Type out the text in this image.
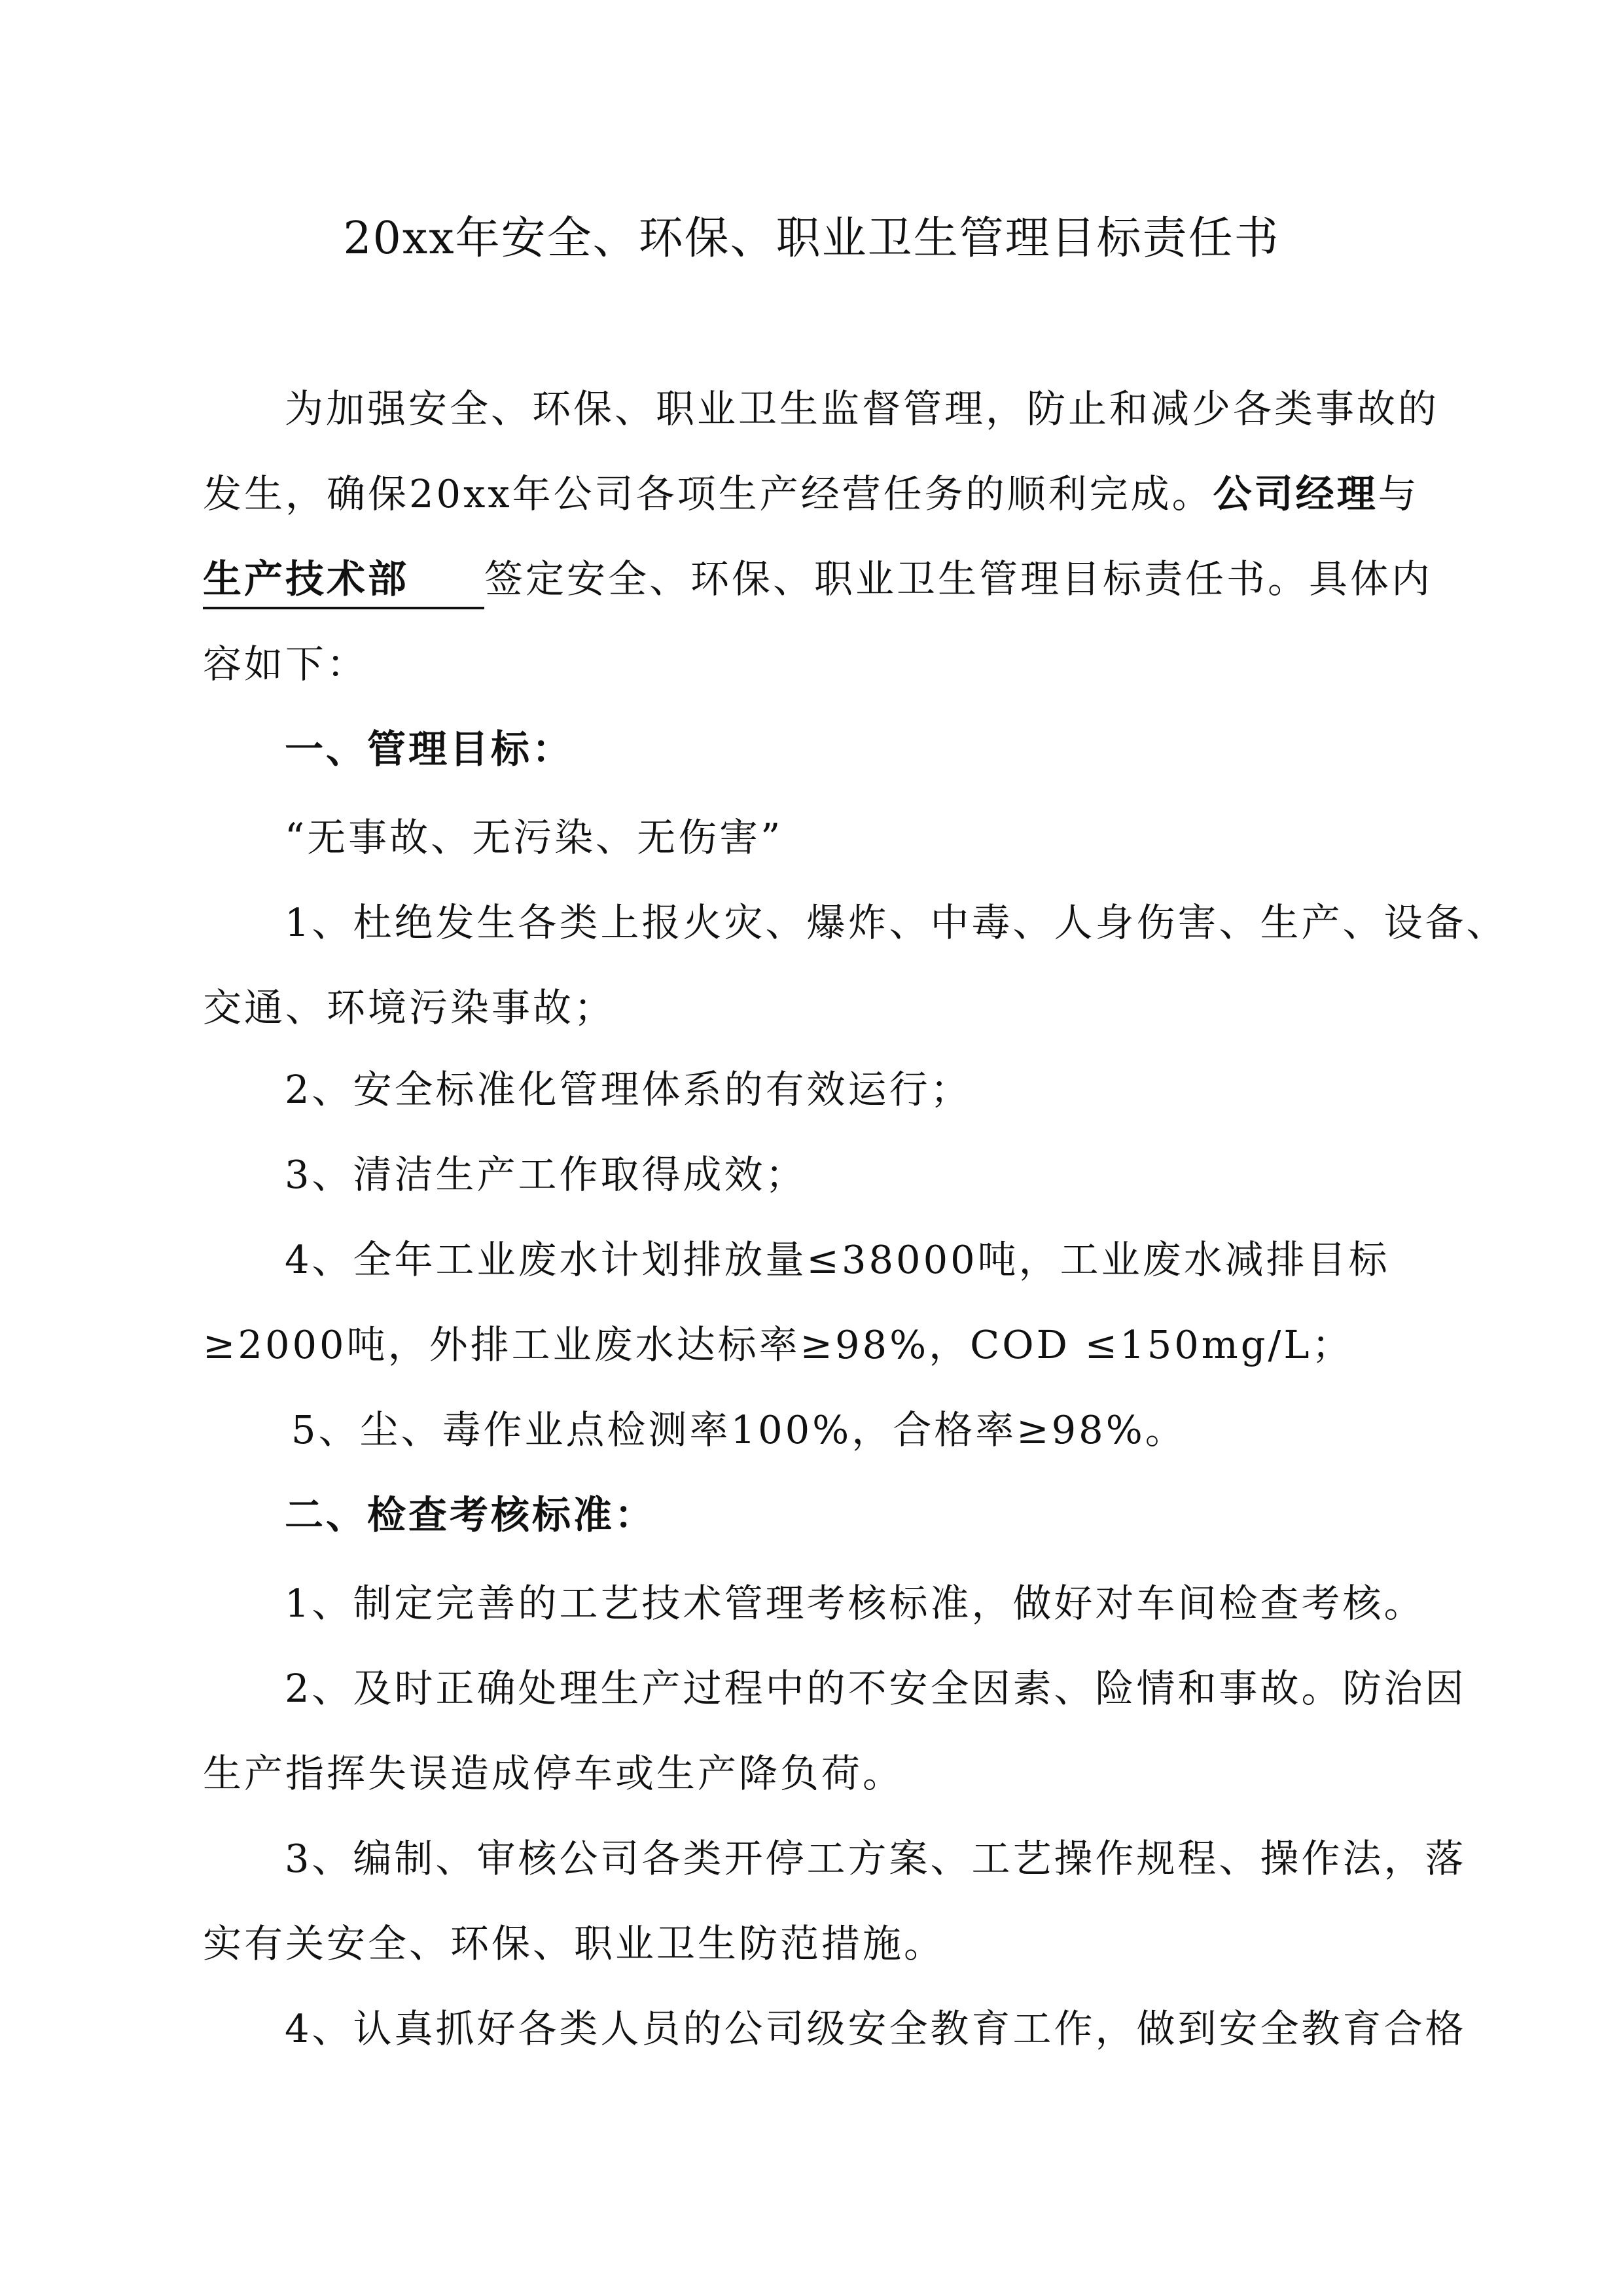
20xx年安全、环保、职业卫生管理目标责任书
为加强安全、环保、职业卫生监督管理，防止和减少各类事故的
发生，确保20xx年公司各项生产经营任务的顺利完成。公司经理与
生产技术部 签定安全、环保、职业卫生管理目标责任书。具体内
容如下：
一、管理目标：
“无事故、无污染、无伤害”
1、杜绝发生各类上报火灾、爆炸、中毒、人身伤害、生产、设备、
交通、环境污染事故；
2、安全标准化管理体系的有效运行；
3、清洁生产工作取得成效；
4、全年工业废水计划排放量≤38000吨，工业废水减排目标
≥2000吨，外排工业废水达标率≥98%，COD ≤150mg/L；
5、尘、毒作业点检测率100%，合格率≥98%。
二、检查考核标准：
1、制定完善的工艺技术管理考核标准，做好对车间检查考核。
2、及时正确处理生产过程中的不安全因素、险情和事故。防治因
生产指挥失误造成停车或生产降负荷。
3、编制、审核公司各类开停工方案、工艺操作规程、操作法，落
实有关安全、环保、职业卫生防范措施。
4、认真抓好各类人员的公司级安全教育工作，做到安全教育合格
